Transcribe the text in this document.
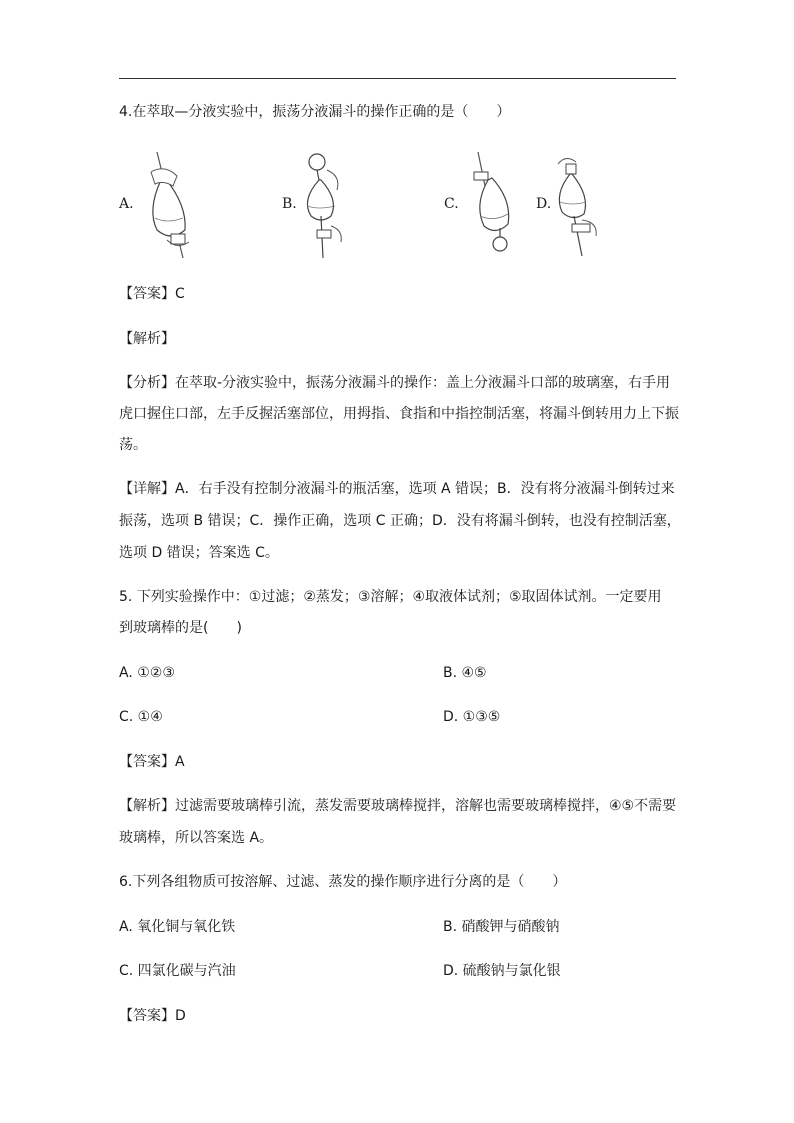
4.在萃取—分液实验中，振荡分液漏斗的操作正确的是（　　）
A.	B.	C.	D.
【答案】C
【解析】
【分析】在萃取-分液实验中，振荡分液漏斗的操作：盖上分液漏斗口部的玻璃塞，右手用
虎口握住口部，左手反握活塞部位，用拇指、食指和中指控制活塞，将漏斗倒转用力上下振
荡。
【详解】A．右手没有控制分液漏斗的瓶活塞，选项 A 错误；B．没有将分液漏斗倒转过来
振荡，选项 B 错误；C．操作正确，选项 C 正确；D．没有将漏斗倒转，也没有控制活塞，
选项 D 错误；答案选 C。
5. 下列实验操作中：①过滤；②蒸发；③溶解；④取液体试剂；⑤取固体试剂。一定要用
到玻璃棒的是(　　)
A. ①②③	B. ④⑤
C. ①④	D. ①③⑤
【答案】A
【解析】过滤需要玻璃棒引流，蒸发需要玻璃棒搅拌，溶解也需要玻璃棒搅拌，④⑤不需要
玻璃棒，所以答案选 A。
6.下列各组物质可按溶解、过滤、蒸发的操作顺序进行分离的是（　　）
A. 氧化铜与氧化铁	B. 硝酸钾与硝酸钠
C. 四氯化碳与汽油	D. 硫酸钠与氯化银
【答案】D
